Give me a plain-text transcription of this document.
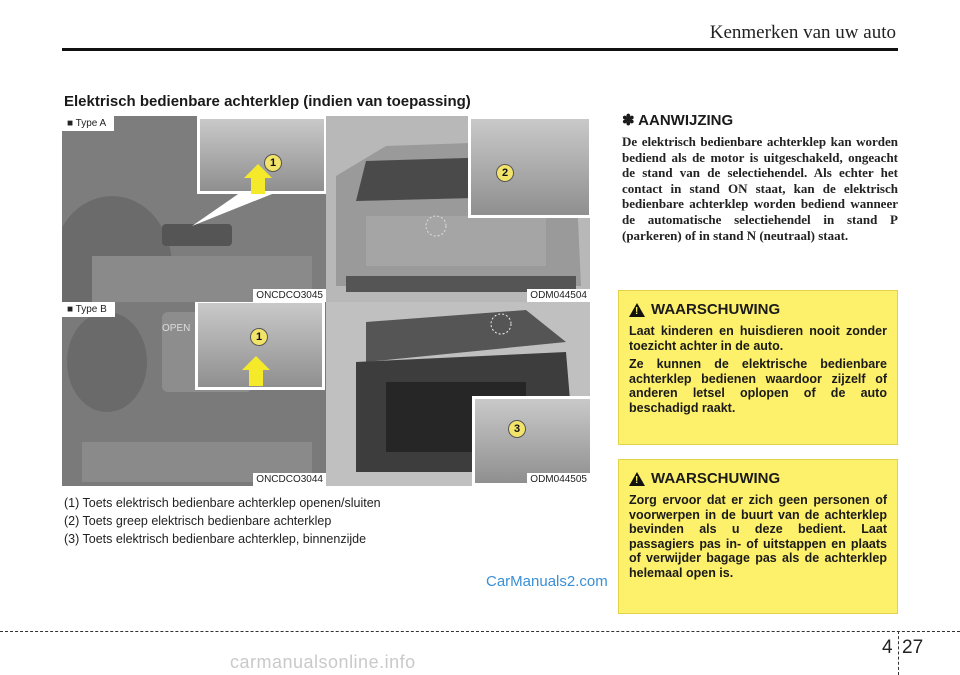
Kenmerken van uw auto
Elektrisch bedienbare achterklep (indien van toepassing)
1
■ Type A
ONCDCO3045
2
ODM044504
OPEN
1
■ Type B
ONCDCO3044
3
ODM044505
(1) Toets elektrisch bedienbare achterklep openen/sluiten
(2) Toets greep elektrisch bedienbare achterklep
(3) Toets elektrisch bedienbare achterklep, binnenzijde
✽ AANWIJZING
De elektrisch bedienbare achterklep kan worden bediend als de motor is uitgeschakeld, ongeacht de stand van de selectiehendel. Als echter het contact in stand ON staat, kan de elektrisch bedienbare achterklep worden bediend wanneer de automatische selectiehendel in stand P (parkeren) of in stand N (neutraal) staat.
! WAARSCHUWING

Laat kinderen en huisdieren nooit zonder toezicht achter in de auto.

Ze kunnen de elektrische bedienbare achterklep bedienen waardoor zijzelf of anderen letsel oplopen of de auto beschadigd raakt.

! WAARSCHUWING

Zorg ervoor dat er zich geen personen of voorwerpen in de buurt van de achterklep bevinden als u deze bedient. Laat passagiers pas in- of uitstappen en plaats of verwijder bagage pas als de achterklep helemaal open is.

CarManuals2.com
4 27
carmanualsonline.info
